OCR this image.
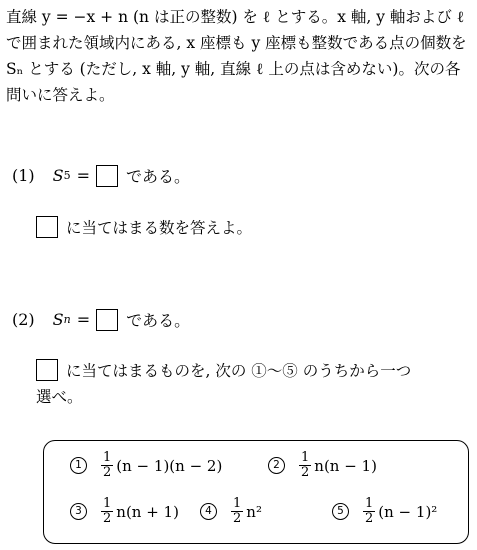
直線 y = −x + n (n は正の整数) を ℓ とする。x 軸, y 軸および ℓ で囲まれた領域内にある, x 座標も y 座標も整数である点の個数を Sₙ とする (ただし, x 軸, y 軸, 直線 ℓ 上の点は含めない)。次の各問いに答えよ。
(1) S 5 = である。
に当てはまる数を答えよ。
(2) S n = である。
に当てはまるものを, 次の ①〜⑤ のうちから一つ
選べ。
1	$\frac{1}{2} (n - 1)(n - 2)$	2	$\frac{1}{2} n(n - 1)$
3	$\frac{1}{2} n(n + 1)$	4	$\frac{1}{2} n^2$	5	$\frac{1}{2} (n - 1)^2$
